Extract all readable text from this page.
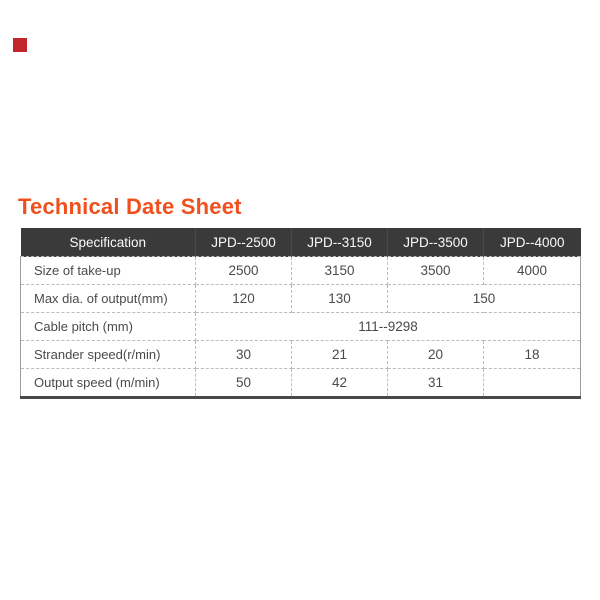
Technical Date Sheet
Specification	JPD--2500	JPD--3150	JPD--3500	JPD--4000
Size of take-up	2500	3150	3500	4000
Max dia. of output(mm)	120	130	150	
Cable pitch (mm)	111--9298			
Strander speed(r/min)	30	21	20	18
Output speed (m/min)	50	42	31	
